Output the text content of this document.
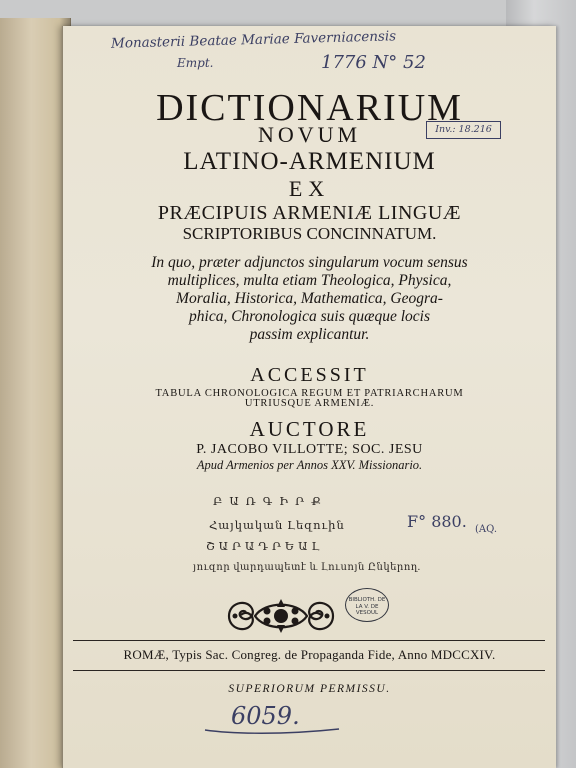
Monasterii Beatae Mariae Faverniacensis
Empt.	1776 N° 52
Inv.: 18.216
DICTIONARIUM
NOVUM
LATINO-ARMENIUM
EX
PRÆCIPUIS ARMENIÆ LINGUÆ
SCRIPTORIBUS CONCINNATUM.
In quo, præter adjunctos singularum vocum sensus
multiplices, multa etiam Theologica, Physica,
Moralia, Historica, Mathematica, Geogra-
phica, Chronologica suis quæque locis
passim explicantur.
ACCESSIT
TABULA CHRONOLOGICA REGUM ET PATRIARCHARUM
UTRIUSQUE ARMENIÆ.
AUCTORE
P. JACOBO VILLOTTE; SOC. JESU
Apud Armenios per Annos XXV. Missionario.
ԲԱՌԳԻՐՔ
Հայկական Լեզուին
ՇԱՐԱԴՐԵԱԼ
յուզոր վարդապետէ և Լուսոյն Ընկերող.
F° 880. (AQ.
BIBLIOTH. DE LA V. DE VESOUL
ROMÆ, Typis Sac. Congreg. de Propaganda Fide, Anno MDCCXIV.
SUPERIORUM PERMISSU.
6059.
